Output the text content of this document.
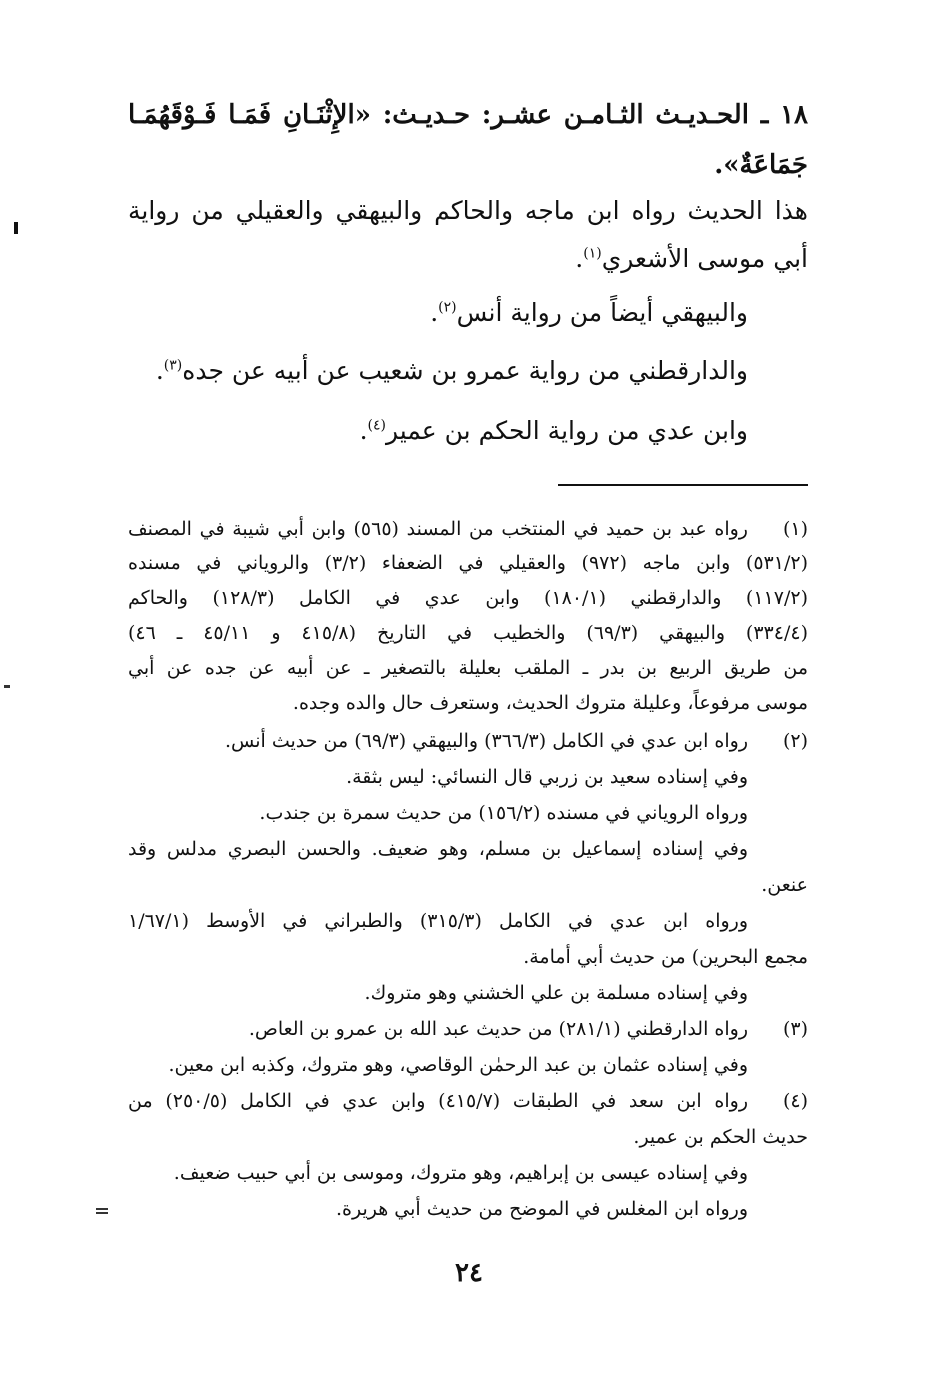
١٨ ـ الحـديـث الثـامـن عشـر: حـديـث: «الإِثْنَـانِ فَمَـا فَـوْقَهُمَـا
جَمَاعَةٌ».
هذا الحديث رواه ابن ماجه والحاكم والبيهقي والعقيلي من رواية
أبي موسى الأشعري$^{(١)}$.
والبيهقي أيضاً من رواية أنس$^{(٢)}$.
والدارقطني من رواية عمرو بن شعيب عن أبيه عن جده$^{(٣)}$.
وابن عدي من رواية الحكم بن عمير$^{(٤)}$.
(١)
رواه عبد بن حميد في المنتخب من المسند (٥٦٥) وابن أبي شيبة في المصنف
(٥٣١/٢) وابن ماجه (٩٧٢) والعقيلي في الضعفاء (٣/٢) والروياني في مسنده
(١١٧/٢) والدارقطني (١٨٠/١) وابن عدي في الكامل (١٢٨/٣) والحاكم
(٣٣٤/٤) والبيهقي (٦٩/٣) والخطيب في التاريخ (٤١٥/٨ و ٤٥/١١ ـ ٤٦)
من طريق الربيع بن بدر ـ الملقب بعليلة بالتصغير ـ عن أبيه عن جده عن أبي
موسى مرفوعاً، وعليلة متروك الحديث، وستعرف حال والده وجده.
(٢)
رواه ابن عدي في الكامل (٣٦٦/٣) والبيهقي (٦٩/٣) من حديث أنس.
وفي إسناده سعيد بن زربي قال النسائي: ليس بثقة.
ورواه الروياني في مسنده (١٥٦/٢) من حديث سمرة بن جندب.
وفي إسناده إسماعيل بن مسلم، وهو ضعيف. والحسن البصري مدلس وقد
عنعن.
ورواه ابن عدي في الكامل (٣١٥/٣) والطبراني في الأوسط (١/٦٧/١
مجمع البحرين) من حديث أبي أمامة.
وفي إسناده مسلمة بن علي الخشني وهو متروك.
(٣)
رواه الدارقطني (٢٨١/١) من حديث عبد الله بن عمرو بن العاص.
وفي إسناده عثمان بن عبد الرحمٰن الوقاصي، وهو متروك، وكذبه ابن معين.
(٤)
رواه ابن سعد في الطبقات (٤١٥/٧) وابن عدي في الكامل (٢٥٠/٥) من
حديث الحكم بن عمير.
وفي إسناده عيسى بن إبراهيم، وهو متروك، وموسى بن أبي حبيب ضعيف.
ورواه ابن المغلس في الموضح من حديث أبي هريرة.
٢٤
